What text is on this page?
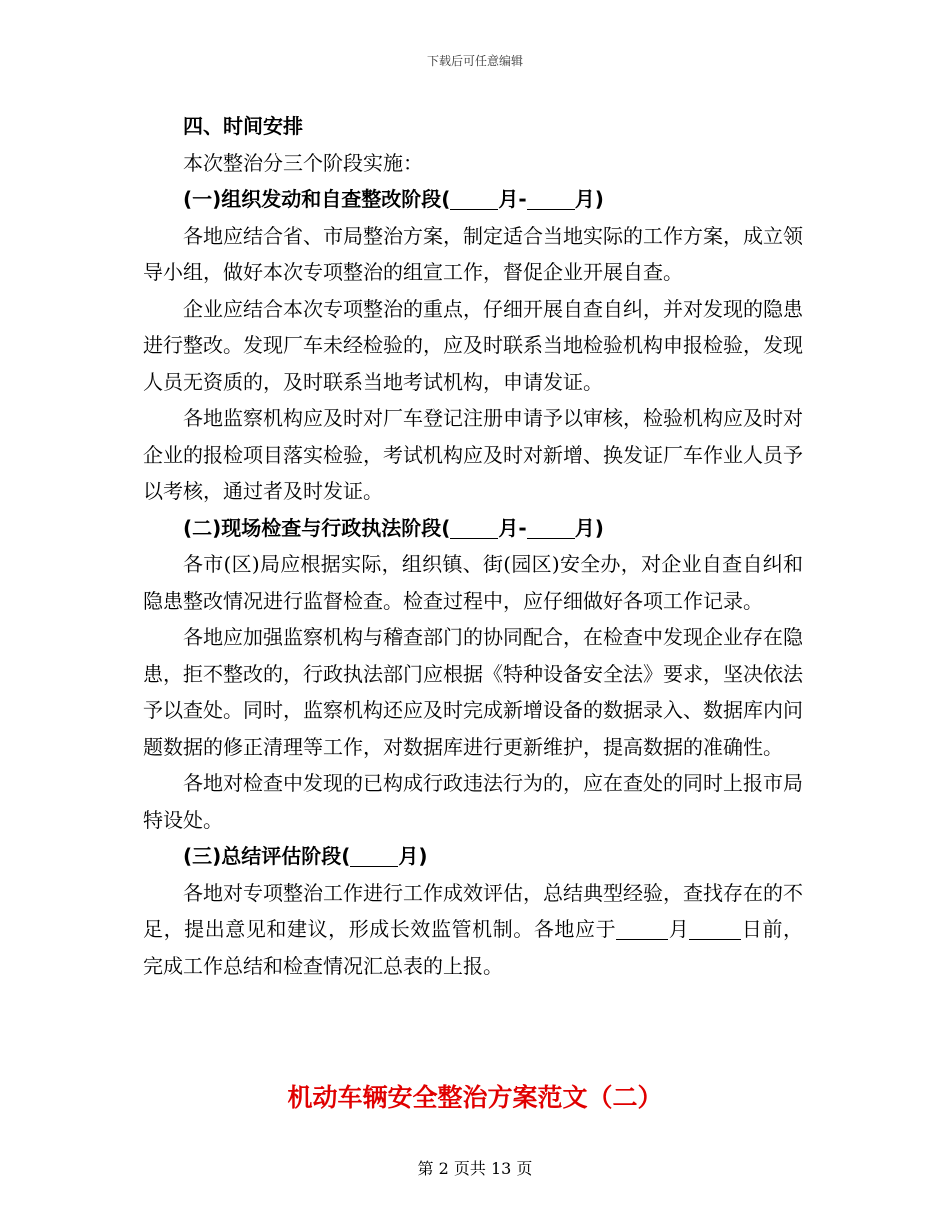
下载后可任意编辑

四、时间安排

本次整治分三个阶段实施：

(一)组织发动和自查整改阶段( 月- 月)

各地应结合省、市局整治方案，制定适合当地实际的工作方案，成立领导小组，做好本次专项整治的组宣工作，督促企业开展自查。

企业应结合本次专项整治的重点，仔细开展自查自纠，并对发现的隐患进行整改。发现厂车未经检验的，应及时联系当地检验机构申报检验，发现人员无资质的，及时联系当地考试机构，申请发证。

各地监察机构应及时对厂车登记注册申请予以审核，检验机构应及时对企业的报检项目落实检验，考试机构应及时对新增、换发证厂车作业人员予以考核，通过者及时发证。

(二)现场检查与行政执法阶段( 月- 月)

各市(区)局应根据实际，组织镇、街(园区)安全办，对企业自查自纠和隐患整改情况进行监督检查。检查过程中，应仔细做好各项工作记录。

各地应加强监察机构与稽查部门的协同配合，在检查中发现企业存在隐患，拒不整改的，行政执法部门应根据《特种设备安全法》要求，坚决依法予以查处。同时，监察机构还应及时完成新增设备的数据录入、数据库内问题数据的修正清理等工作，对数据库进行更新维护，提高数据的准确性。

各地对检查中发现的已构成行政违法行为的，应在查处的同时上报市局特设处。

(三)总结评估阶段( 月)

各地对专项整治工作进行工作成效评估，总结典型经验，查找存在的不足，提出意见和建议，形成长效监管机制。各地应于	月	日前，完成工作总结和检查情况汇总表的上报。

机动车辆安全整治方案范文（二）
第 2 页共 13 页
